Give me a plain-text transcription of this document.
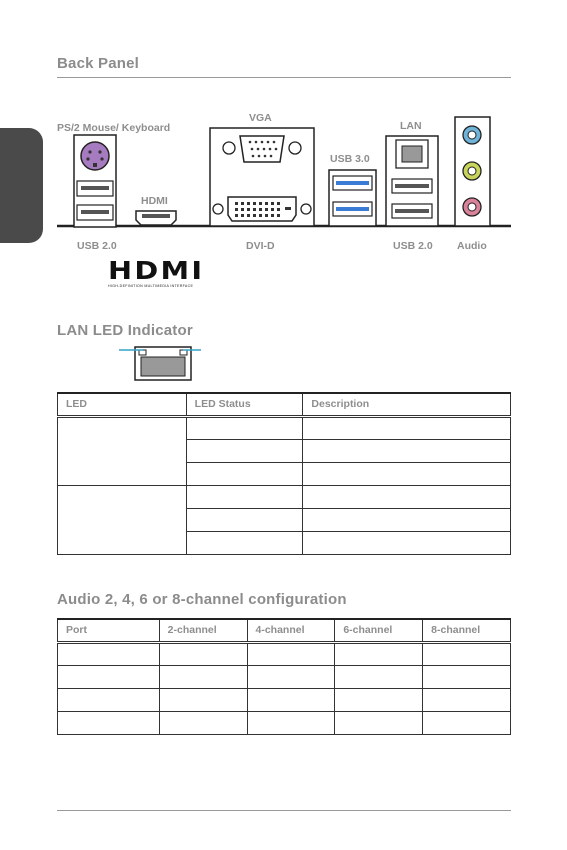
Back Panel
PS/2 Mouse/ Keyboard
VGA
LAN
USB 3.0
HDMI
USB 2.0	DVI-D	USB 2.0 Audio
HDMI
HIGH-DEFINITION MULTIMEDIA INTERFACE
LAN LED Indicator
LED	LED Status	Description

Audio 2, 4, 6 or 8-channel configuration
Port	2-channel	4-channel	6-channel	8-channel
